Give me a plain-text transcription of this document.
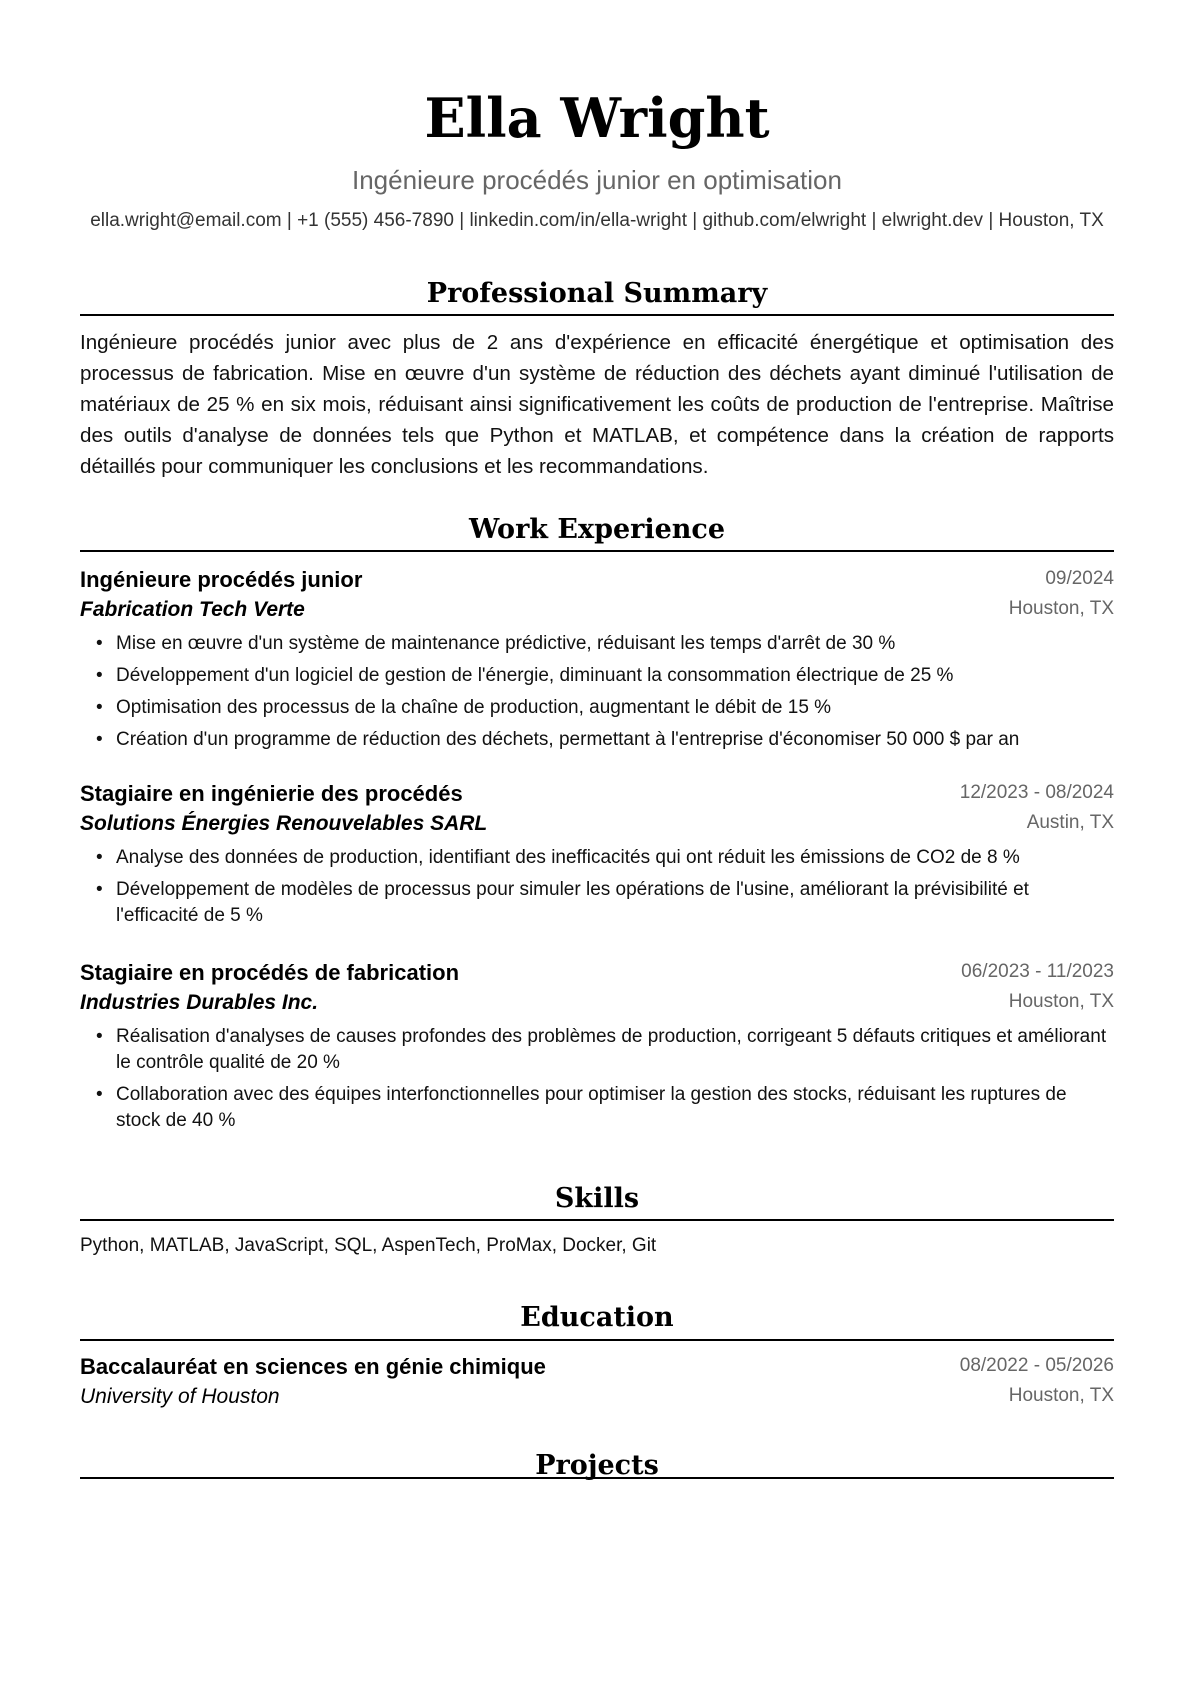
Ella Wright
Ingénieure procédés junior en optimisation
ella.wright@email.com | +1 (555) 456-7890 | linkedin.com/in/ella-wright | github.com/elwright | elwright.dev | Houston, TX
Professional Summary
Ingénieure procédés junior avec plus de 2 ans d'expérience en efficacité énergétique et optimisation des processus de fabrication. Mise en œuvre d'un système de réduction des déchets ayant diminué l'utilisation de matériaux de 25 % en six mois, réduisant ainsi significativement les coûts de production de l'entreprise. Maîtrise des outils d'analyse de données tels que Python et MATLAB, et compétence dans la création de rapports détaillés pour communiquer les conclusions et les recommandations.
Work Experience
Ingénieure procédés junior	09/2024
Fabrication Tech Verte	Houston, TX
• Mise en œuvre d'un système de maintenance prédictive, réduisant les temps d'arrêt de 30 %
• Développement d'un logiciel de gestion de l'énergie, diminuant la consommation électrique de 25 %
• Optimisation des processus de la chaîne de production, augmentant le débit de 15 %
• Création d'un programme de réduction des déchets, permettant à l'entreprise d'économiser 50 000 $ par an
Stagiaire en ingénierie des procédés	12/2023 - 08/2024
Solutions Énergies Renouvelables SARL	Austin, TX
• Analyse des données de production, identifiant des inefficacités qui ont réduit les émissions de CO2 de 8 %
• Développement de modèles de processus pour simuler les opérations de l'usine, améliorant la prévisibilité et l'efficacité de 5 %
Stagiaire en procédés de fabrication	06/2023 - 11/2023
Industries Durables Inc.	Houston, TX
• Réalisation d'analyses de causes profondes des problèmes de production, corrigeant 5 défauts critiques et améliorant le contrôle qualité de 20 %
• Collaboration avec des équipes interfonctionnelles pour optimiser la gestion des stocks, réduisant les ruptures de stock de 40 %
Skills
Python, MATLAB, JavaScript, SQL, AspenTech, ProMax, Docker, Git
Education
Baccalauréat en sciences en génie chimique	08/2022 - 05/2026
University of Houston	Houston, TX
Projects
